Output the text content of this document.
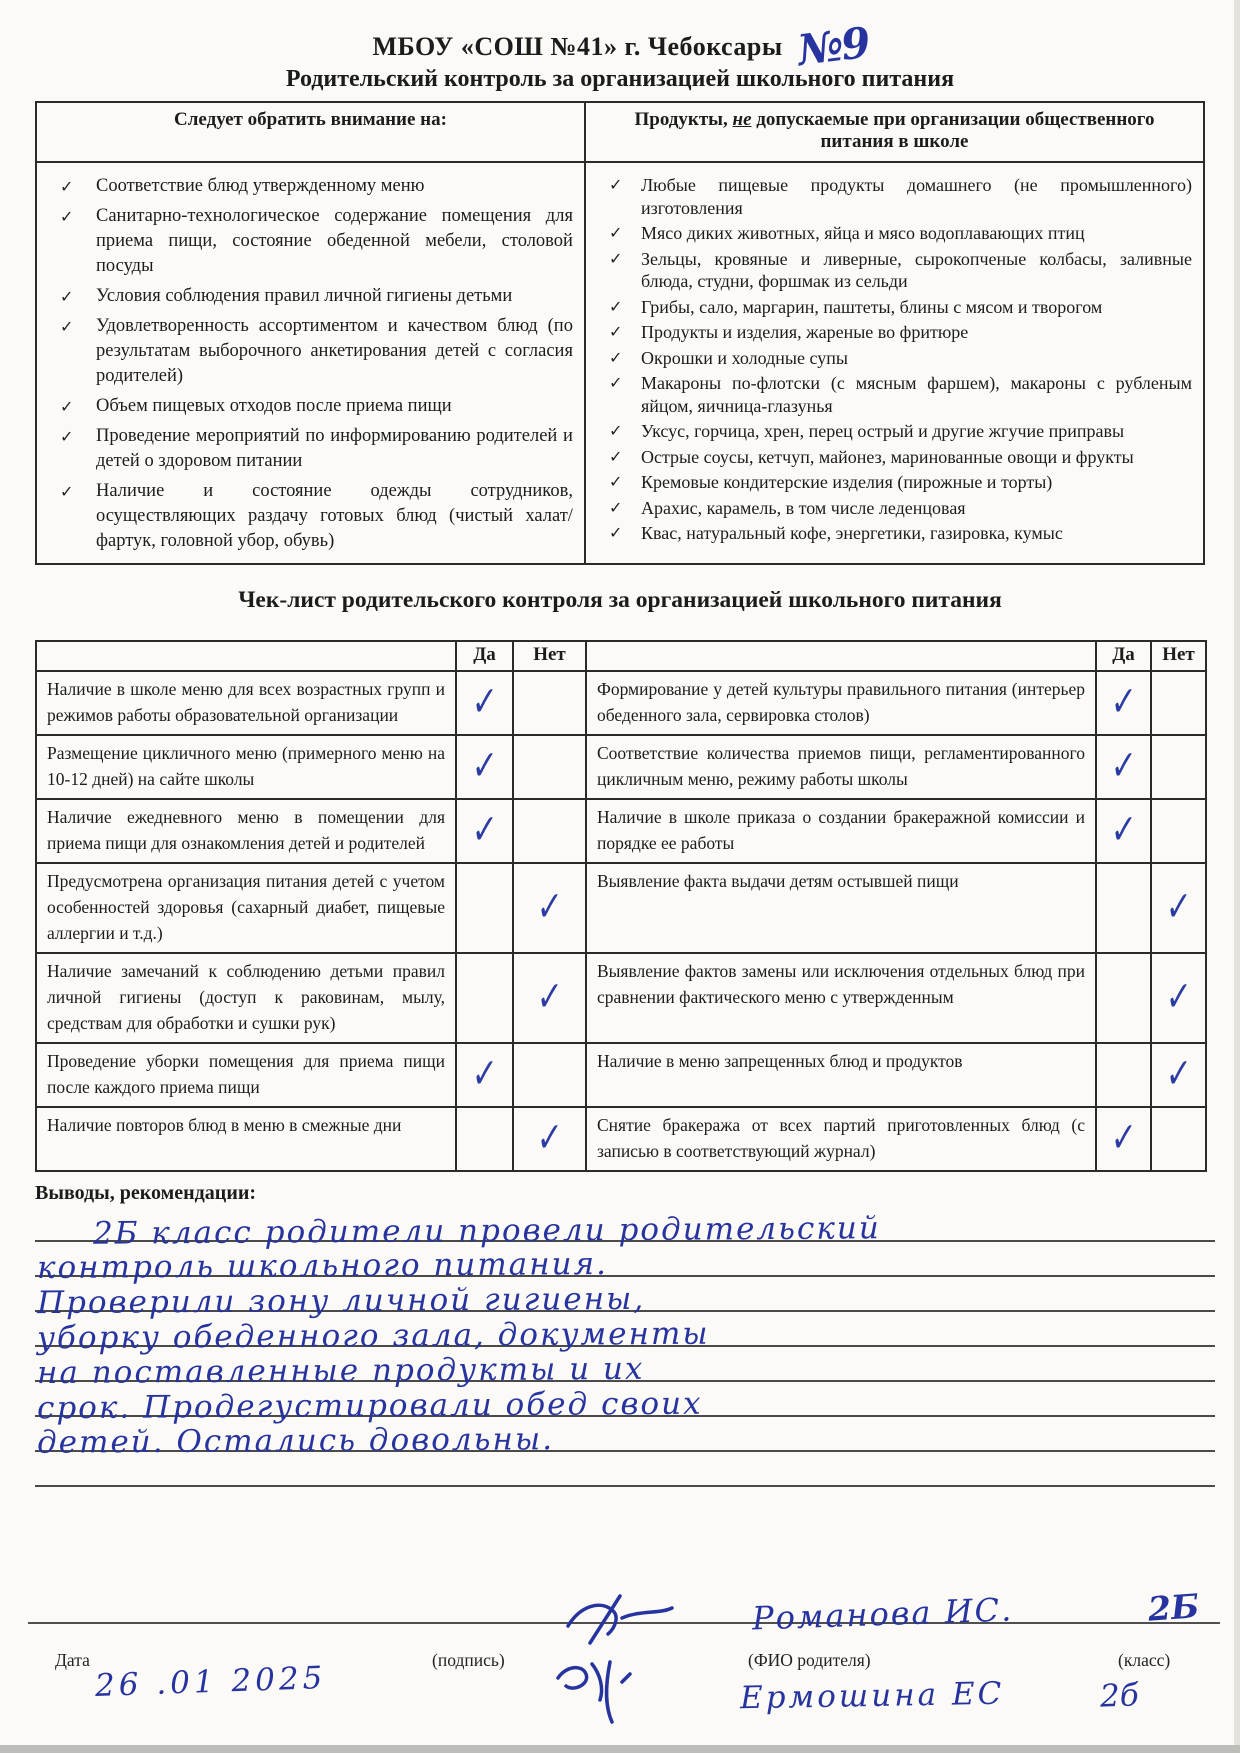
МБОУ «СОШ №41» г. Чебоксары №9
Родительский контроль за организацией школьного питания
Следует обратить внимание на:	Продукты, не допускаемые при организации общественного питания в школе

✓ Соответствие блюд утвержденному меню
✓ Санитарно-технологическое содержание помещения для приема пищи, состояние обеденной мебели, столовой посуды
✓ Условия соблюдения правил личной гигиены детьми
✓ Удовлетворенность ассортиментом и качеством блюд (по результатам выборочного анкетирования детей с согласия родителей)
✓ Объем пищевых отходов после приема пищи
✓ Проведение мероприятий по информированию родителей и детей о здоровом питании
✓ Наличие и состояние одежды сотрудников, осуществляющих раздачу готовых блюд (чистый халат/фартук, головной убор, обувь)

✓ Любые пищевые продукты домашнего (не промышленного) изготовления
✓ Мясо диких животных, яйца и мясо водоплавающих птиц
✓ Зельцы, кровяные и ливерные, сырокопченые колбасы, заливные блюда, студни, форшмак из сельди
✓ Грибы, сало, маргарин, паштеты, блины с мясом и творогом
✓ Продукты и изделия, жареные во фритюре
✓ Окрошки и холодные супы
✓ Макароны по-флотски (с мясным фаршем), макароны с рубленым яйцом, яичница-глазунья
✓ Уксус, горчица, хрен, перец острый и другие жгучие приправы
✓ Острые соусы, кетчуп, майонез, маринованные овощи и фрукты
✓ Кремовые кондитерские изделия (пирожные и торты)
✓ Арахис, карамель, в том числе леденцовая
✓ Квас, натуральный кофе, энергетики, газировка, кумыс
Чек-лист родительского контроля за организацией школьного питания
	Да	Нет		Да	Нет
Наличие в школе меню для всех возрастных групп и режимов работы образовательной организации	✓		Формирование у детей культуры правильного питания (интерьер обеденного зала, сервировка столов)	✓	
Размещение цикличного меню (примерного меню на 10-12 дней) на сайте школы	✓		Соответствие количества приемов пищи, регламентированного цикличным меню, режиму работы школы	✓	
Наличие ежедневного меню в помещении для приема пищи для ознакомления детей и родителей	✓		Наличие в школе приказа о создании бракеражной комиссии и порядке ее работы	✓	
Предусмотрена организация питания детей с учетом особенностей здоровья (сахарный диабет, пищевые аллергии и т.д.)		✓	Выявление факта выдачи детям остывшей пищи		✓
Наличие замечаний к соблюдению детьми правил личной гигиены (доступ к раковинам, мылу, средствам для обработки и сушки рук)		✓	Выявление фактов замены или исключения отдельных блюд при сравнении фактического меню с утвержденным		✓
Проведение уборки помещения для приема пищи после каждого приема пищи	✓		Наличие в меню запрещенных блюд и продуктов		✓
Наличие повторов блюд в меню в смежные дни		✓	Снятие бракеража от всех партий приготовленных блюд (с записью в соответствующий журнал)	✓	
Выводы, рекомендации:
2Б класс родители провели родительский
контроль школьного питания.
Проверили зону личной гигиены,
уборку обеденного зала, документы
на поставленные продукты и их
срок. Продегустировали обед своих
детей. Остались довольны.
Дата	(подпись)	(ФИО родителя)	(класс)
26 .01 2025
Романова ИС.	2Б
Ермошина ЕС	2б
